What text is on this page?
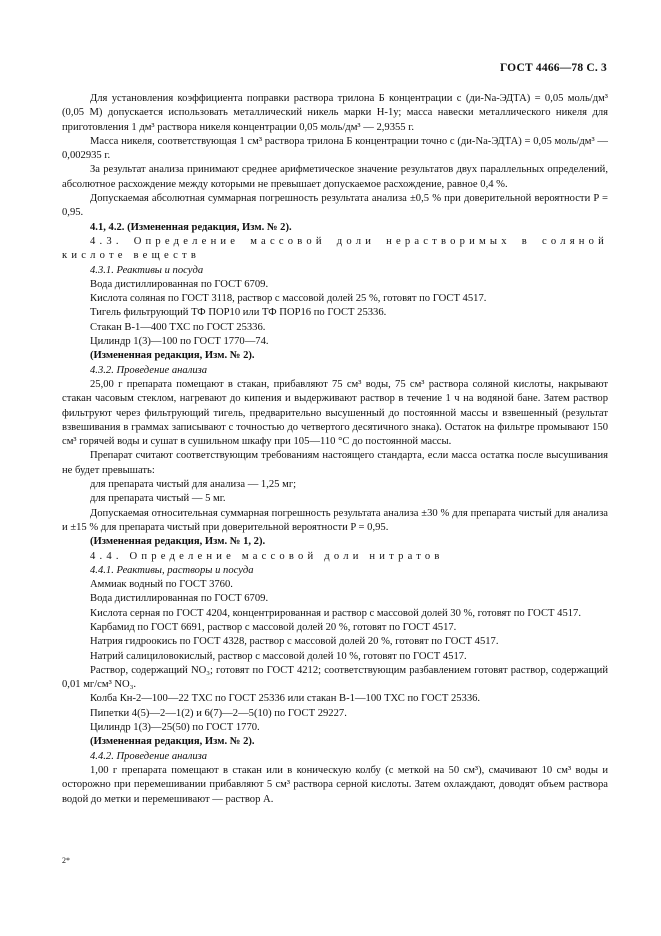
ГОСТ 4466—78 С. 3

Для установления коэффициента поправки раствора трилона Б концентрации c (ди-Na-ЭДТА) = 0,05 моль/дм³ (0,05 М) допускается использовать металлический никель марки Н-1у; масса навески металлического никеля для приготовления 1 дм³ раствора никеля концентрации 0,05 моль/дм³ — 2,9355 г.

Масса никеля, соответствующая 1 см³ раствора трилона Б концентрации точно c (ди-Na-ЭДТА) = 0,05 моль/дм³ — 0,002935 г.

За результат анализа принимают среднее арифметическое значение результатов двух параллельных определений, абсолютное расхождение между которыми не превышает допускаемое расхождение, равное 0,4 %.

Допускаемая абсолютная суммарная погрешность результата анализа ±0,5 % при доверительной вероятности P = 0,95.

4.1, 4.2. (Измененная редакция, Изм. № 2).

4.3. Определение массовой доли нерастворимых в соляной кислоте веществ

4.3.1. Реактивы и посуда

Вода дистиллированная по ГОСТ 6709.

Кислота соляная по ГОСТ 3118, раствор с массовой долей 25 %, готовят по ГОСТ 4517.

Тигель фильтрующий ТФ ПОР10 или ТФ ПОР16 по ГОСТ 25336.

Стакан В-1—400 ТХС по ГОСТ 25336.

Цилиндр 1(3)—100 по ГОСТ 1770—74.

(Измененная редакция, Изм. № 2).

4.3.2. Проведение анализа

25,00 г препарата помещают в стакан, прибавляют 75 см³ воды, 75 см³ раствора соляной кислоты, накрывают стакан часовым стеклом, нагревают до кипения и выдерживают раствор в течение 1 ч на водяной бане. Затем раствор фильтруют через фильтрующий тигель, предварительно высушенный до постоянной массы и взвешенный (результат взвешивания в граммах записывают с точностью до четвертого десятичного знака). Остаток на фильтре промывают 150 см³ горячей воды и сушат в сушильном шкафу при 105—110 °С до постоянной массы.

Препарат считают соответствующим требованиям настоящего стандарта, если масса остатка после высушивания не будет превышать:

для препарата чистый для анализа — 1,25 мг;

для препарата чистый — 5 мг.

Допускаемая относительная суммарная погрешность результата анализа ±30 % для препарата чистый для анализа и ±15 % для препарата чистый при доверительной вероятности P = 0,95.

(Измененная редакция, Изм. № 1, 2).

4.4. Определение массовой доли нитратов

4.4.1. Реактивы, растворы и посуда

Аммиак водный по ГОСТ 3760.

Вода дистиллированная по ГОСТ 6709.

Кислота серная по ГОСТ 4204, концентрированная и раствор с массовой долей 30 %, готовят по ГОСТ 4517.

Карбамид по ГОСТ 6691, раствор с массовой долей 20 %, готовят по ГОСТ 4517.

Натрия гидроокись по ГОСТ 4328, раствор с массовой долей 20 %, готовят по ГОСТ 4517.

Натрий салициловокислый, раствор с массовой долей 10 %, готовят по ГОСТ 4517.

Раствор, содержащий NO₃; готовят по ГОСТ 4212; соответствующим разбавлением готовят раствор, содержащий 0,01 мг/см³ NO₃.

Колба Кн-2—100—22 ТХС по ГОСТ 25336 или стакан В-1—100 ТХС по ГОСТ 25336.

Пипетки 4(5)—2—1(2) и 6(7)—2—5(10) по ГОСТ 29227.

Цилиндр 1(3)—25(50) по ГОСТ 1770.

(Измененная редакция, Изм. № 2).

4.4.2. Проведение анализа

1,00 г препарата помещают в стакан или в коническую колбу (с меткой на 50 см³), смачивают 10 см³ воды и осторожно при перемешивании прибавляют 5 см³ раствора серной кислоты. Затем охлаждают, доводят объем раствора водой до метки и перемешивают — раствор А.

2*
